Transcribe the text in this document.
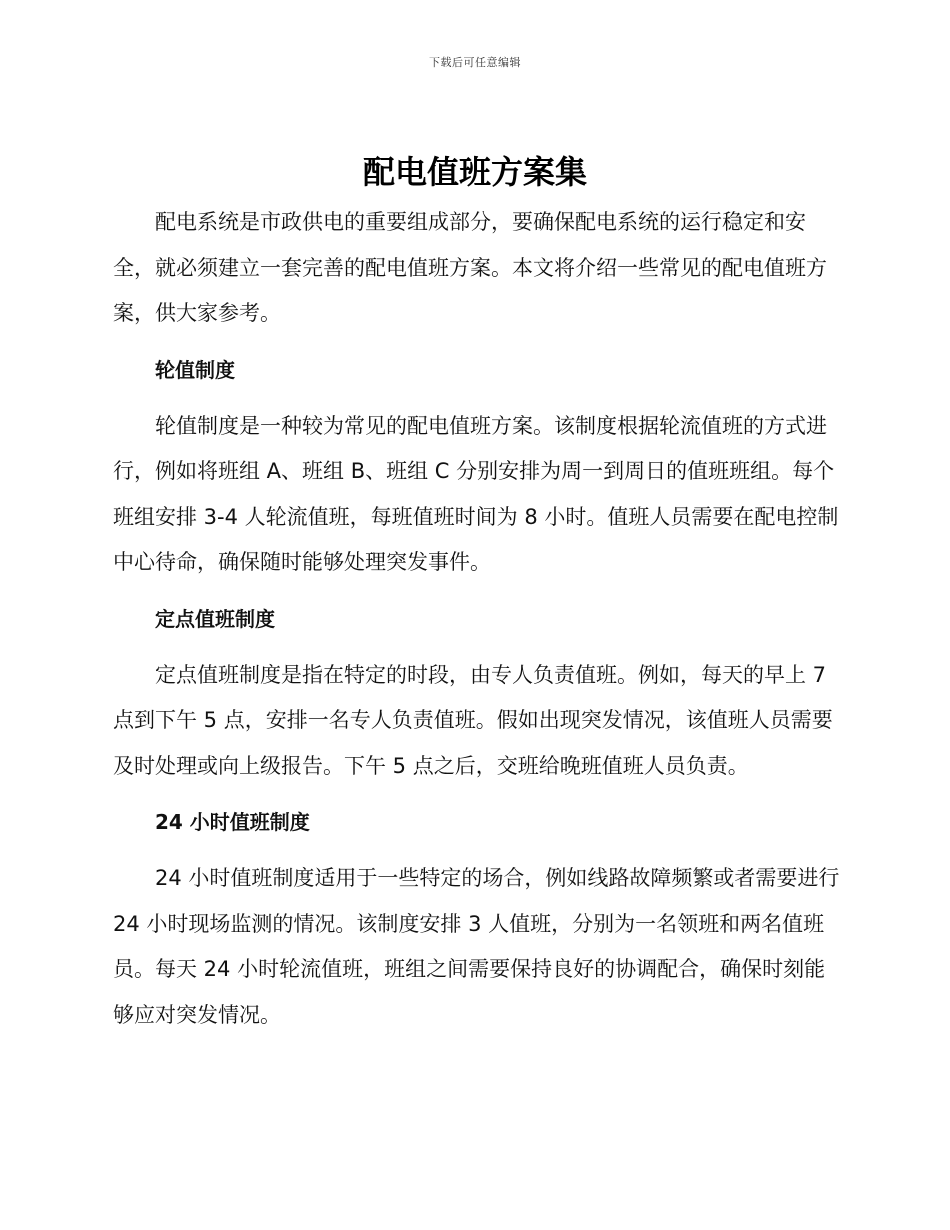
下载后可任意编辑
配电值班方案集

配电系统是市政供电的重要组成部分，要确保配电系统的运行稳定和安全，就必须建立一套完善的配电值班方案。本文将介绍一些常见的配电值班方案，供大家参考。

轮值制度

轮值制度是一种较为常见的配电值班方案。该制度根据轮流值班的方式进行，例如将班组 A、班组 B、班组 C 分别安排为周一到周日的值班班组。每个班组安排 3-4 人轮流值班，每班值班时间为 8 小时。值班人员需要在配电控制中心待命，确保随时能够处理突发事件。

定点值班制度

定点值班制度是指在特定的时段，由专人负责值班。例如，每天的早上 7 点到下午 5 点，安排一名专人负责值班。假如出现突发情况，该值班人员需要及时处理或向上级报告。下午 5 点之后，交班给晚班值班人员负责。

24 小时值班制度

24 小时值班制度适用于一些特定的场合，例如线路故障频繁或者需要进行 24 小时现场监测的情况。该制度安排 3 人值班，分别为一名领班和两名值班员。每天 24 小时轮流值班，班组之间需要保持良好的协调配合，确保时刻能够应对突发情况。
